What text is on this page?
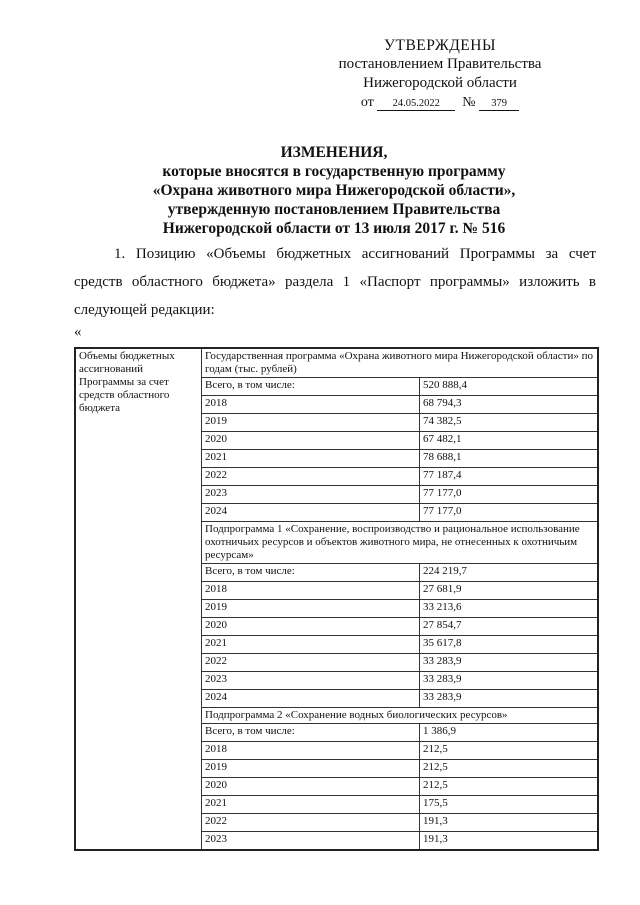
УТВЕРЖДЕНЫ
постановлением Правительства
Нижегородской области
от 24.05.2022 № 379
ИЗМЕНЕНИЯ,
которые вносятся в государственную программу
«Охрана животного мира Нижегородской области»,
утвержденную постановлением Правительства
Нижегородской области от 13 июля 2017 г. № 516

1. Позицию «Объемы бюджетных ассигнований Программы за счет средств областного бюджета» раздела 1 «Паспорт программы» изложить в следующей редакции:

«
Объемы бюджетных ассигнований Программы за счет средств областного бюджета	Государственная программа «Охрана животного мира Нижегородской области» по годам (тыс. рублей)	
	Всего, в том числе:	520 888,4
	2018	68 794,3
	2019	74 382,5
	2020	67 482,1
	2021	78 688,1
	2022	77 187,4
	2023	77 177,0
	2024	77 177,0
	Подпрограмма 1 «Сохранение, воспроизводство и рациональное использование охотничьих ресурсов и объектов животного мира, не отнесенных к охотничьим ресурсам»	
	Всего, в том числе:	224 219,7
	2018	27 681,9
	2019	33 213,6
	2020	27 854,7
	2021	35 617,8
	2022	33 283,9
	2023	33 283,9
	2024	33 283,9
	Подпрограмма 2 «Сохранение водных биологических ресурсов»	
	Всего, в том числе:	1 386,9
	2018	212,5
	2019	212,5
	2020	212,5
	2021	175,5
	2022	191,3
	2023	191,3
